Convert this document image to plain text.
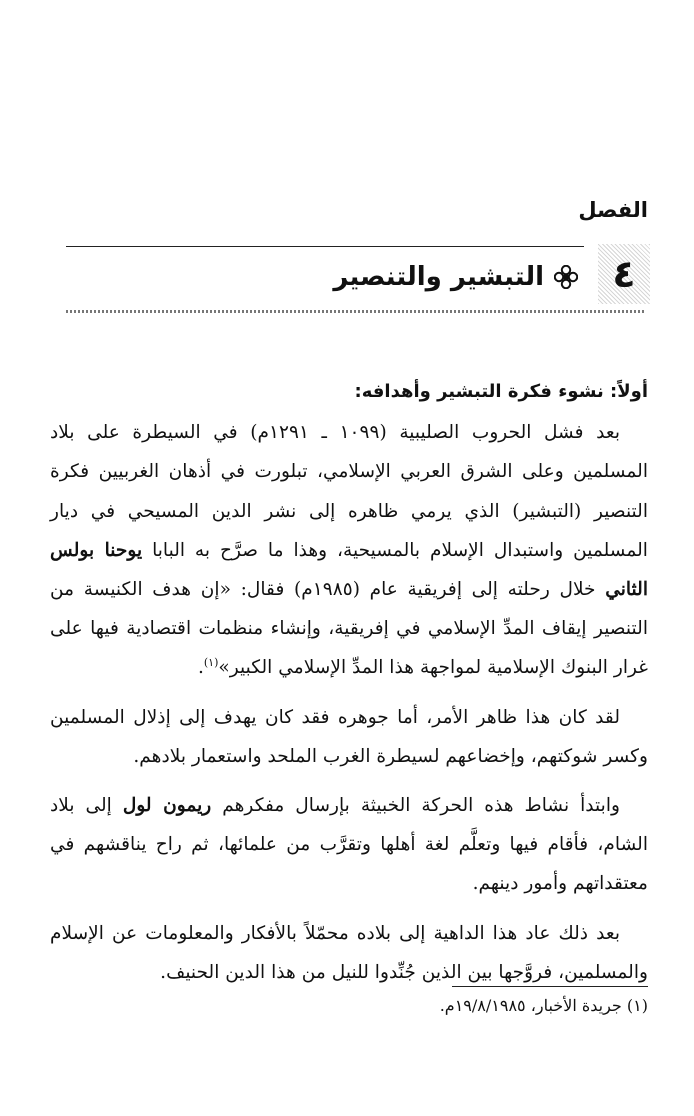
الفصل
٤
التبشير والتنصير
أولاً: نشوء فكرة التبشير وأهدافه:

بعد فشل الحروب الصليبية (١٠٩٩ ـ ١٢٩١م) في السيطرة على بلاد المسلمين وعلى الشرق العربي الإسلامي، تبلورت في أذهان الغربيين فكرة التنصير (التبشير) الذي يرمي ظاهره إلى نشر الدين المسيحي في ديار المسلمين واستبدال الإسلام بالمسيحية، وهذا ما صرَّح به البابا يوحنا بولس الثاني خلال رحلته إلى إفريقية عام (١٩٨٥م) فقال: «إن هدف الكنيسة من التنصير إيقاف المدِّ الإسلامي في إفريقية، وإنشاء منظمات اقتصادية فيها على غرار البنوك الإسلامية لمواجهة هذا المدِّ الإسلامي الكبير»$^{(١)}$.

لقد كان هذا ظاهر الأمر، أما جوهره فقد كان يهدف إلى إذلال المسلمين وكسر شوكتهم، وإخضاعهم لسيطرة الغرب الملحد واستعمار بلادهم.

وابتدأ نشاط هذه الحركة الخبيثة بإرسال مفكرهم ريمون لول إلى بلاد الشام، فأقام فيها وتعلَّم لغة أهلها وتقرَّب من علمائها، ثم راح يناقشهم في معتقداتهم وأمور دينهم.

بعد ذلك عاد هذا الداهية إلى بلاده محمّلاً بالأفكار والمعلومات عن الإسلام والمسلمين، فروَّجها بين الذين جُنِّدوا للنيل من هذا الدين الحنيف.

(١) جريدة الأخبار، ١٩/٨/١٩٨٥م.
